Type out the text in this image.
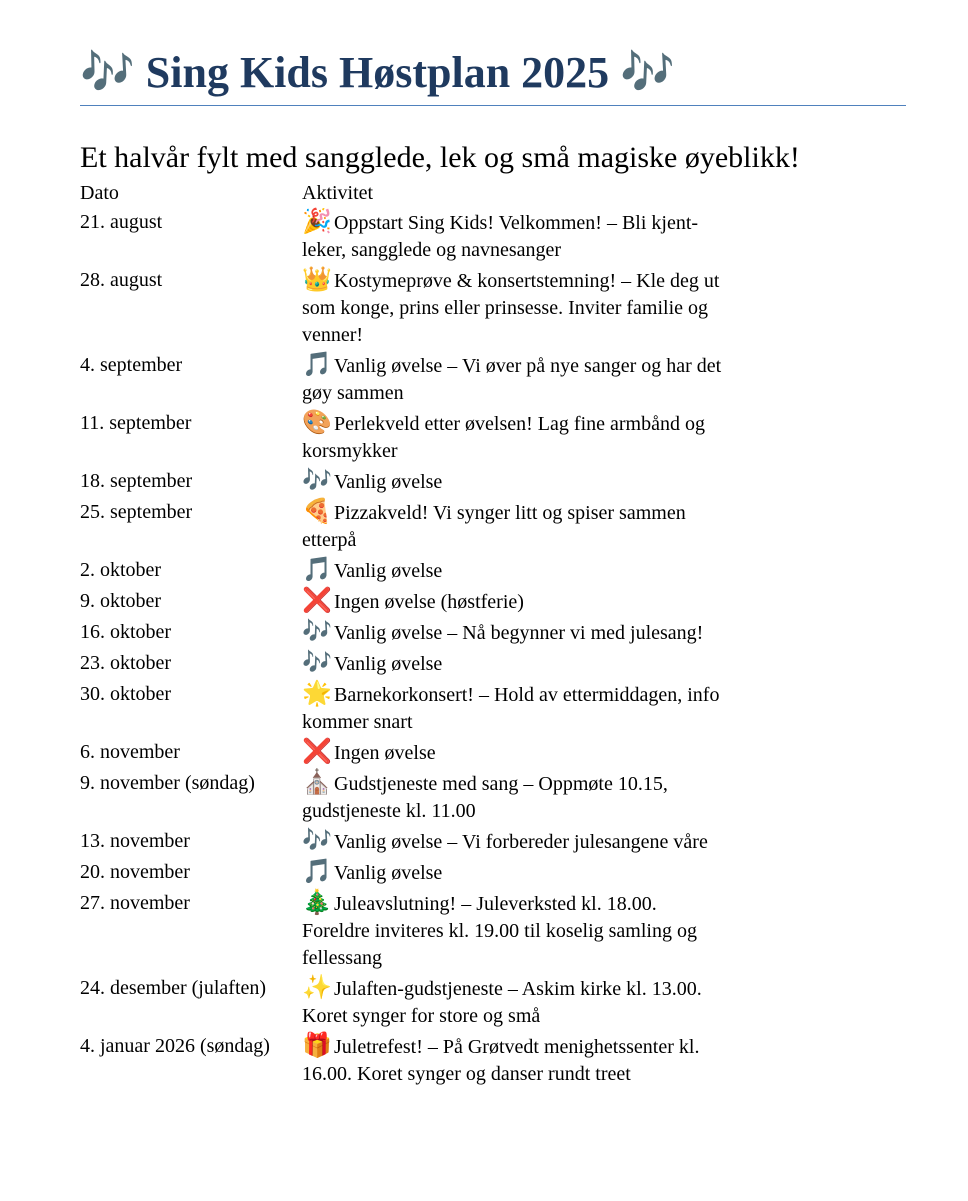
🎶 Sing Kids Høstplan 2025 🎶

Et halvår fylt med sangglede, lek og små magiske øyeblikk!

Dato	Aktivitet
21. august	🎉 Oppstart Sing Kids! Velkommen! – Bli kjent-leker, sangglede og navnesanger
28. august	👑 Kostymeprøve & konsertstemning! – Kle deg ut som konge, prins eller prinsesse. Inviter familie og venner!
4. september	🎵 Vanlig øvelse – Vi øver på nye sanger og har det gøy sammen
11. september	🎨 Perlekveld etter øvelsen! Lag fine armbånd og korsmykker
18. september	🎶 Vanlig øvelse
25. september	🍕 Pizzakveld! Vi synger litt og spiser sammen etterpå
2. oktober	🎵 Vanlig øvelse
9. oktober	❌ Ingen øvelse (høstferie)
16. oktober	🎶 Vanlig øvelse – Nå begynner vi med julesang!
23. oktober	🎶 Vanlig øvelse
30. oktober	🌟 Barnekorkonsert! – Hold av ettermiddagen, info kommer snart
6. november	❌ Ingen øvelse
9. november (søndag)	⛪ Gudstjeneste med sang – Oppmøte 10.15, gudstjeneste kl. 11.00
13. november	🎶 Vanlig øvelse – Vi forbereder julesangene våre
20. november	🎵 Vanlig øvelse
27. november	🎄 Juleavslutning! – Juleverksted kl. 18.00. Foreldre inviteres kl. 19.00 til koselig samling og fellessang
24. desember (julaften)	✨ Julaften-gudstjeneste – Askim kirke kl. 13.00. Koret synger for store og små
4. januar 2026 (søndag)	🎁 Juletrefest! – På Grøtvedt menighetssenter kl. 16.00. Koret synger og danser rundt treet
